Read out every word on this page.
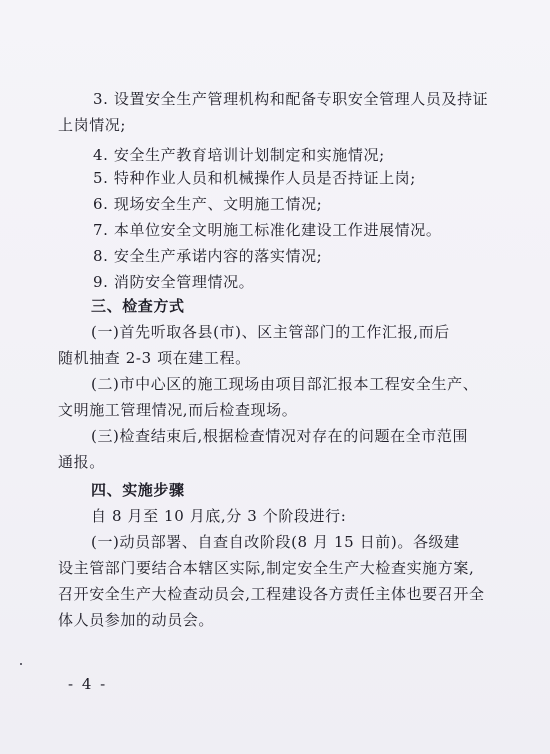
3. 设置安全生产管理机构和配备专职安全管理人员及持证
上岗情况;
4. 安全生产教育培训计划制定和实施情况;
5. 特种作业人员和机械操作人员是否持证上岗;
6. 现场安全生产、文明施工情况;
7. 本单位安全文明施工标准化建设工作进展情况。
8. 安全生产承诺内容的落实情况;
9. 消防安全管理情况。
三、检查方式
(一)首先听取各县(市)、区主管部门的工作汇报,而后
随机抽查 2-3 项在建工程。
(二)市中心区的施工现场由项目部汇报本工程安全生产、
文明施工管理情况,而后检查现场。
(三)检查结束后,根据检查情况对存在的问题在全市范围
通报。
四、实施步骤
自 8 月至 10 月底,分 3 个阶段进行:
(一)动员部署、自查自改阶段(8 月 15 日前)。各级建
设主管部门要结合本辖区实际,制定安全生产大检查实施方案,
召开安全生产大检查动员会,工程建设各方责任主体也要召开全
体人员参加的动员会。
- 4 -
